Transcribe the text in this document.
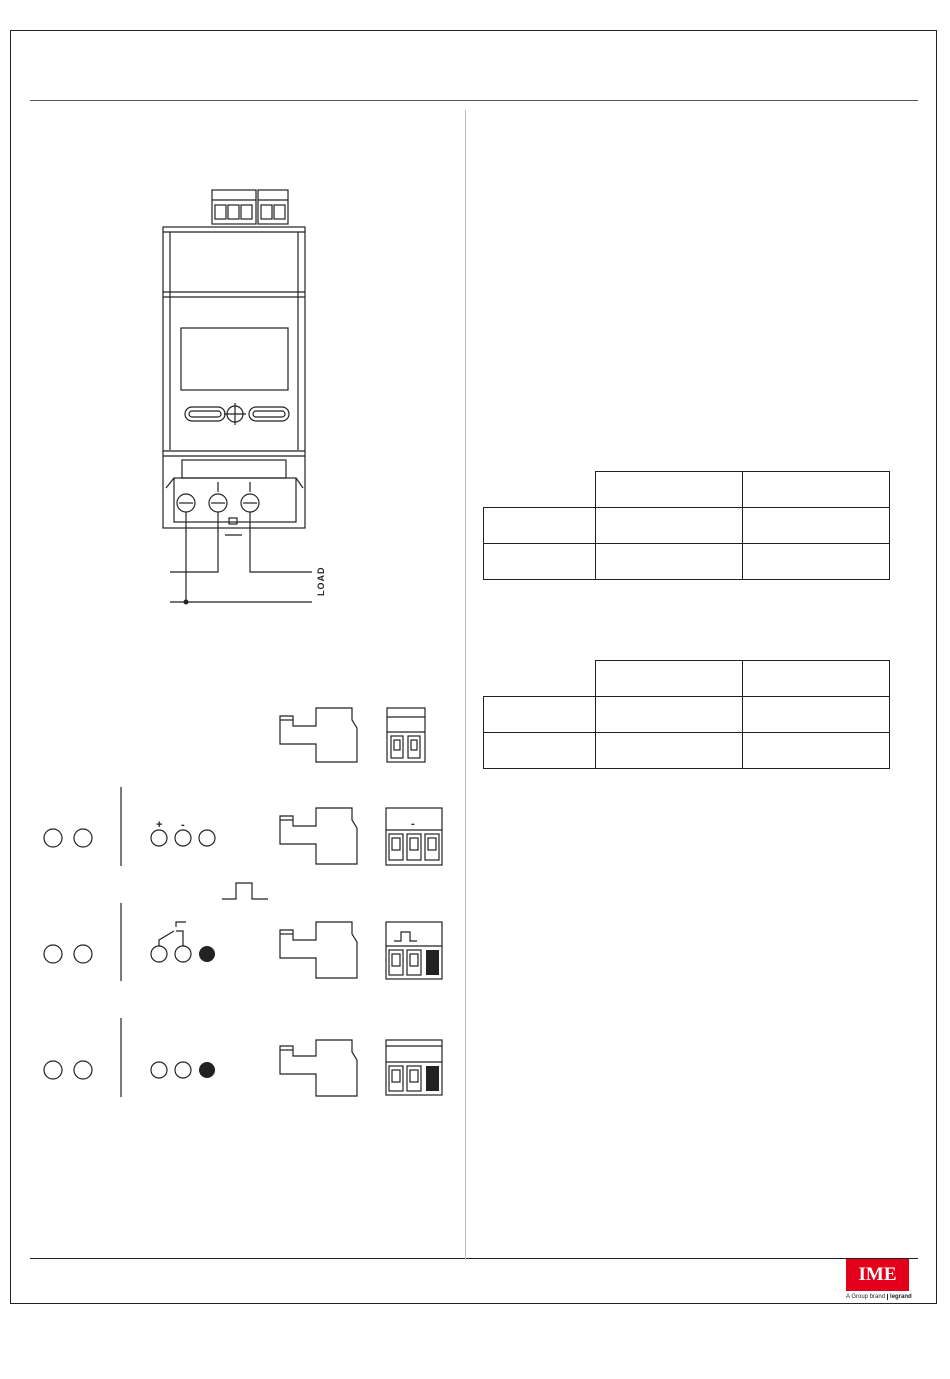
LOAD
+ -	-
IME
A Group brand legrand
